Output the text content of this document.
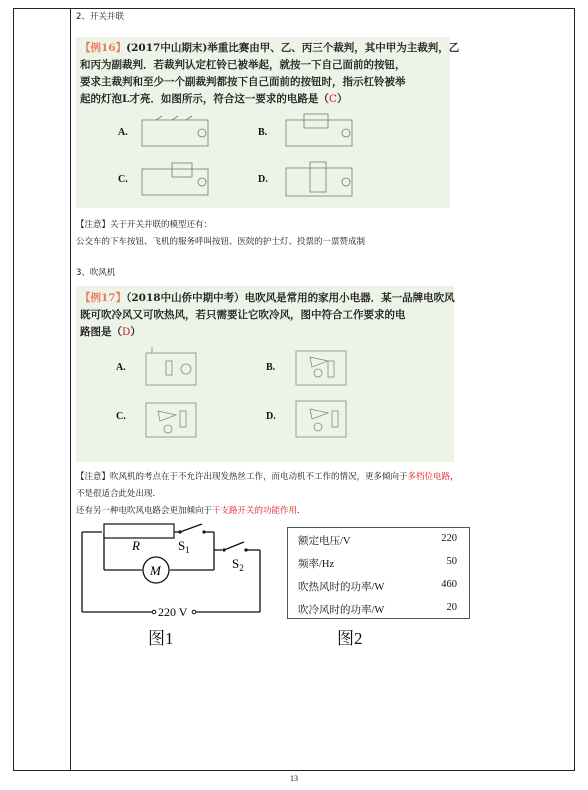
2、开关并联
【例16】(2017中山期末)举重比赛由甲、乙、丙三个裁判，其中甲为主裁判，乙
和丙为副裁判．若裁判认定杠铃已被举起，就按一下自己面前的按钮，
要求主裁判和至少一个副裁判都按下自己面前的按钮时，指示杠铃被举
起的灯泡L才亮．如图所示，符合这一要求的电路是（C）
A.	B.
C.	D.
【注意】关于开关并联的模型还有：
公交车的下车按钮、飞机的服务呼叫按钮、医院的护士灯、投票的一票赞成制
3、吹风机
【例17】（2018中山侨中期中考）电吹风是常用的家用小电器．某一品牌电吹风
既可吹冷风又可吹热风，若只需要让它吹冷风，图中符合工作要求的电
路图是（D）
A.	B.
C.	D.
【注意】吹风机的考点在于不允许出现发热丝工作，而电动机不工作的情况，更多倾向于多档位电路，
不是很适合此处出现．
还有另一种电吹风电路会更加倾向于干支路开关的功能作用．
R
M
$S_1$
$S_2$
220 V
图1
额定电压/V	220
频率/Hz	50
吹热风时的功率/W	460
吹冷风时的功率/W	20
图2
13
